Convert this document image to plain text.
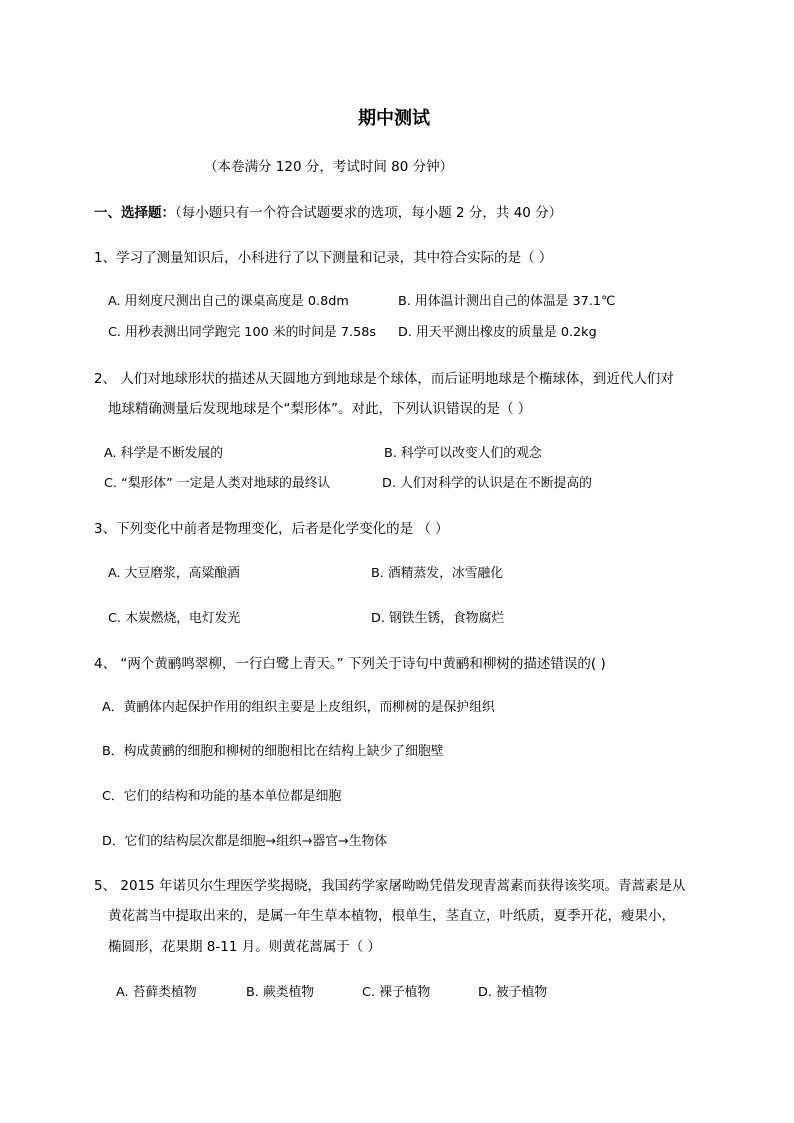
期中测试
（本卷满分 120 分，考试时间 80 分钟）
一、选择题：（每小题只有一个符合试题要求的选项，每小题 2 分，共 40 分）
1、学习了测量知识后，小科进行了以下测量和记录，其中符合实际的是（ ）
A. 用刻度尺测出自己的课桌高度是 0.8dm	B. 用体温计测出自己的体温是 37.1℃
C. 用秒表测出同学跑完 100 米的时间是 7.58s D. 用天平测出橡皮的质量是 0.2kg
2、 人们对地球形状的描述从天圆地方到地球是个球体，而后证明地球是个椭球体，到近代人们对
地球精确测量后发现地球是个“梨形体”。对此，下列认识错误的是（ ）
A. 科学是不断发展的	B. 科学可以改变人们的观念
C. “梨形体” 一定是人类对地球的最终认	D. 人们对科学的认识是在不断提高的
3、下列变化中前者是物理变化，后者是化学变化的是 （ ）
A. 大豆磨浆，高粱酿酒	B. 酒精蒸发，冰雪融化
C. 木炭燃烧，电灯发光	D. 钢铁生锈，食物腐烂
4、 “两个黄鹂鸣翠柳，一行白鹭上青天。” 下列关于诗句中黄鹂和柳树的描述错误的( )
A．黄鹂体内起保护作用的组织主要是上皮组织，而柳树的是保护组织
B．构成黄鹂的细胞和柳树的细胞相比在结构上缺少了细胞壁
C．它们的结构和功能的基本单位都是细胞
D．它们的结构层次都是细胞→组织→器官→生物体
5、 2015 年诺贝尔生理医学奖揭晓，我国药学家屠呦呦凭借发现青蒿素而获得该奖项。青蒿素是从
黄花蒿当中提取出来的，是属一年生草本植物，根单生，茎直立，叶纸质，夏季开花，瘦果小，
椭圆形，花果期 8-11 月。则黄花蒿属于（ ）
A. 苔藓类植物	B. 蕨类植物	C. 裸子植物	D. 被子植物
